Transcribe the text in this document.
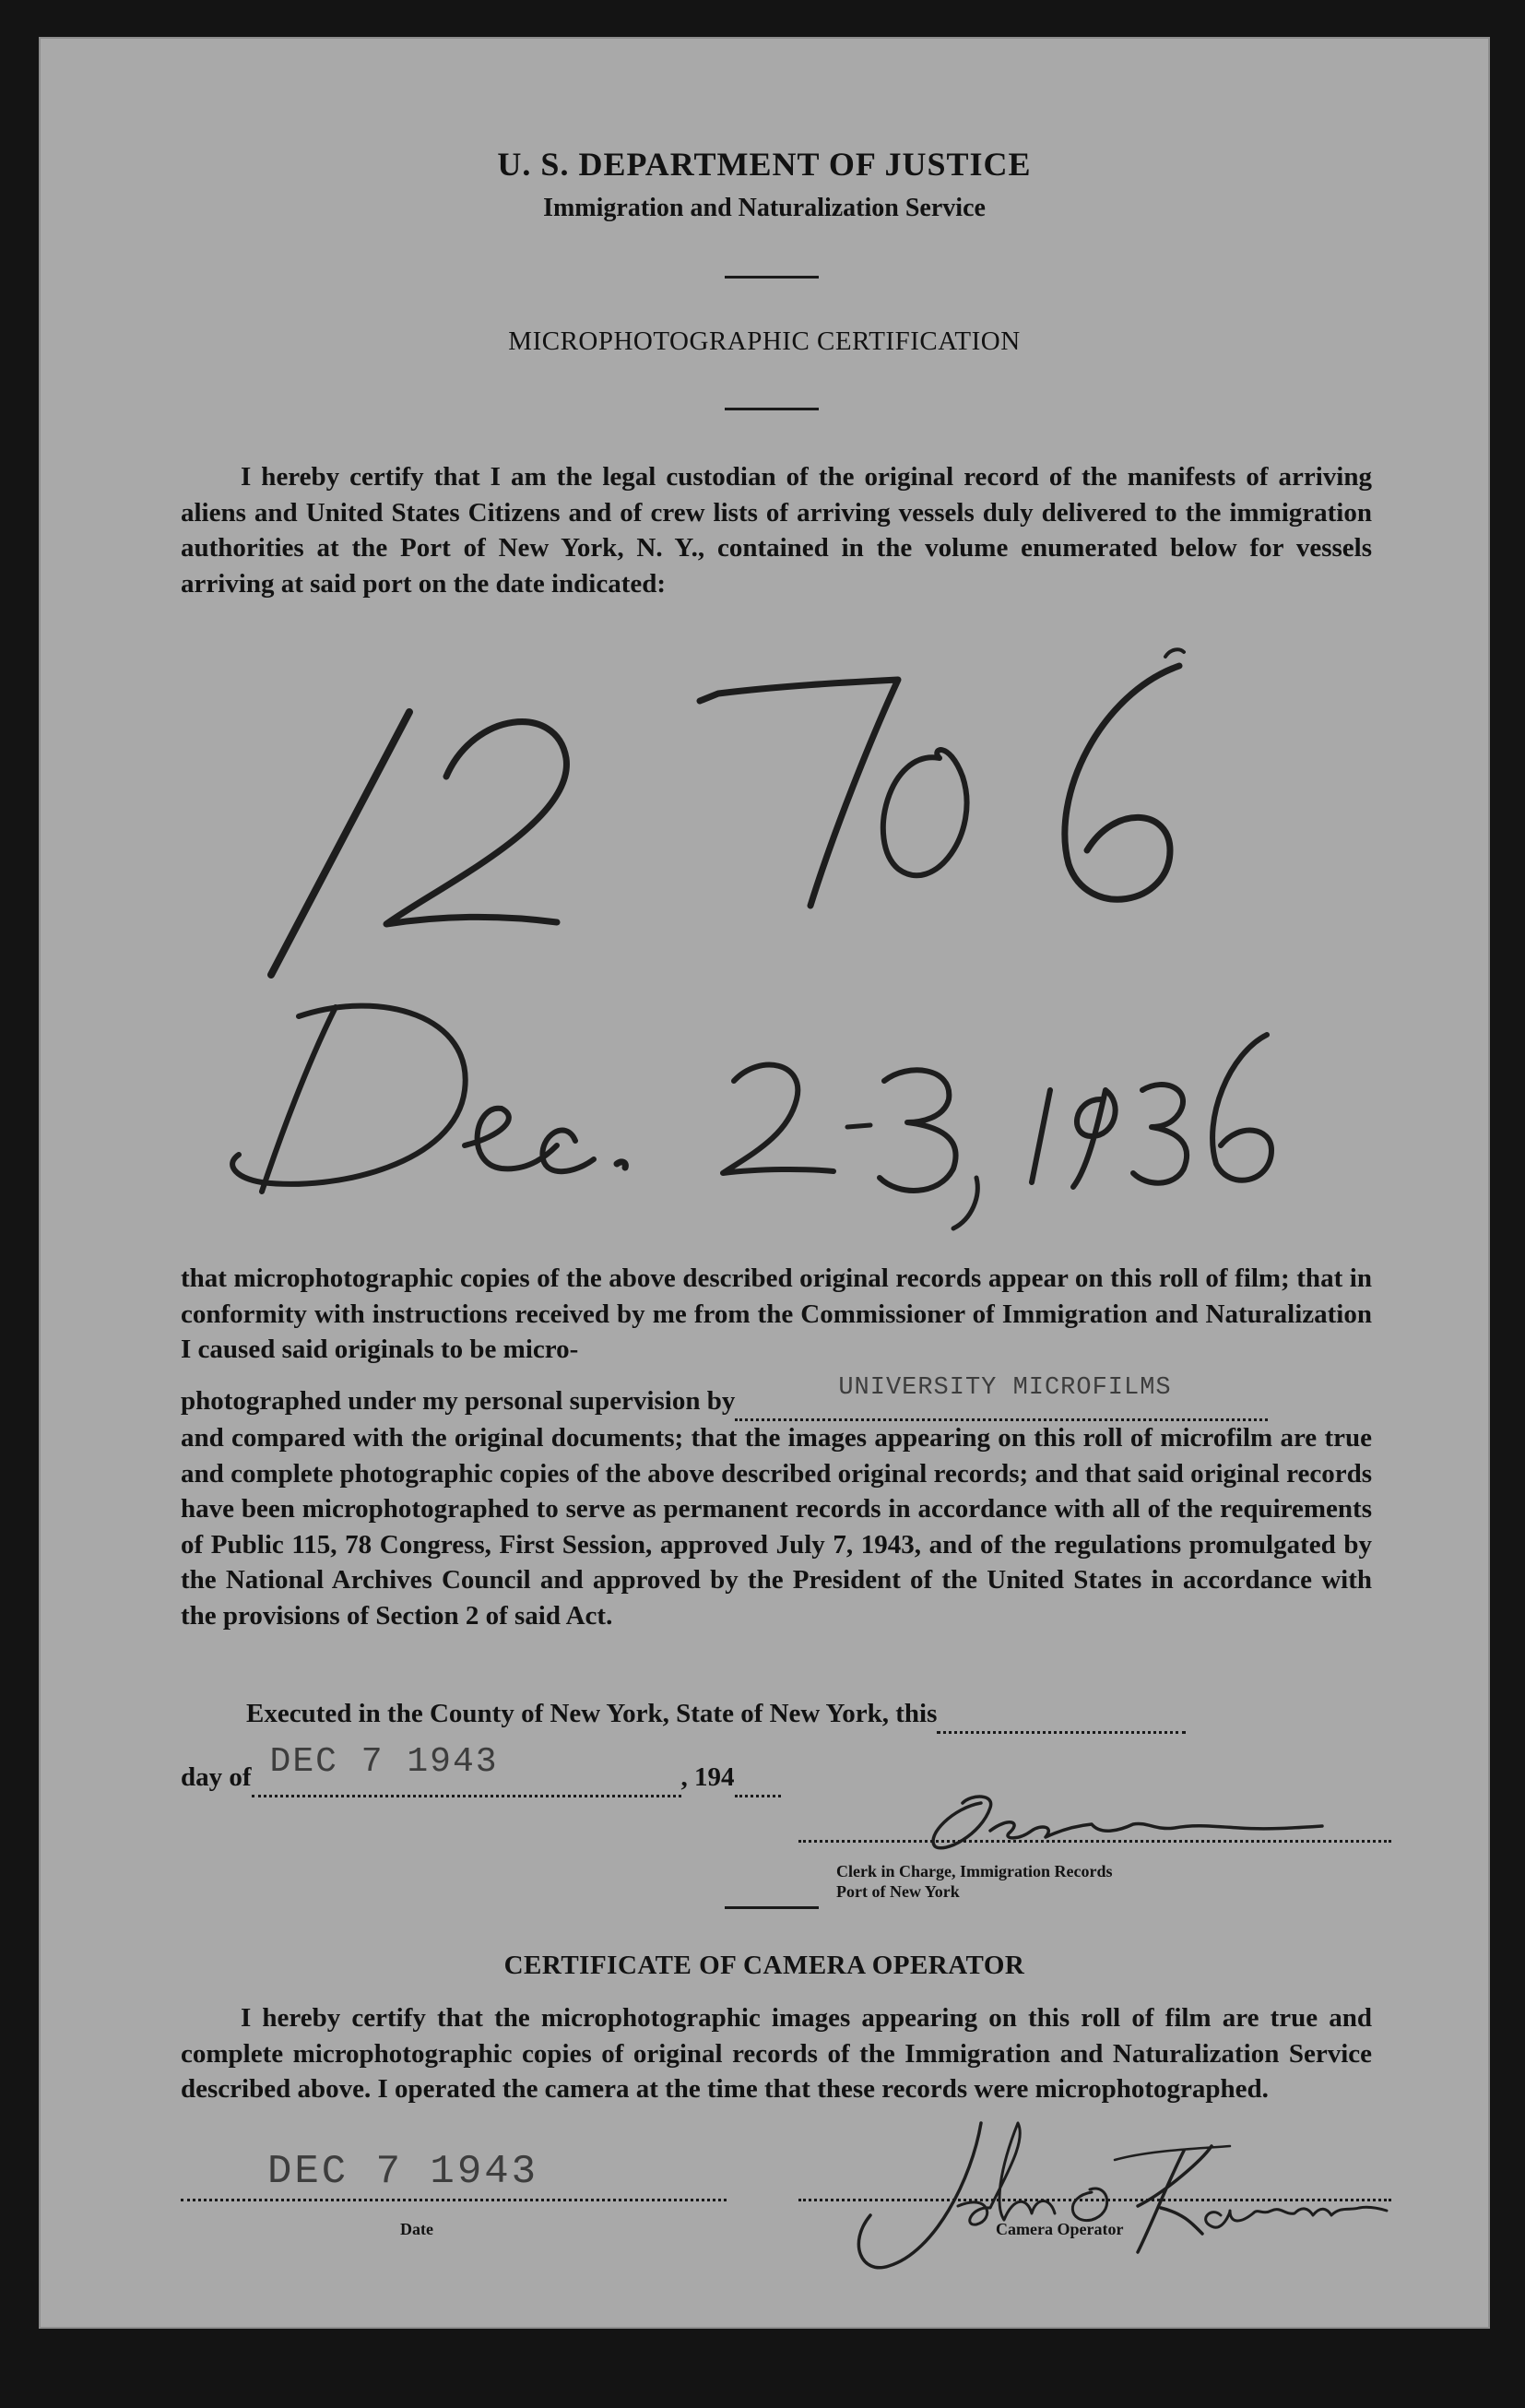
U. S. DEPARTMENT OF JUSTICE
Immigration and Naturalization Service
MICROPHOTOGRAPHIC CERTIFICATION

I hereby certify that I am the legal custodian of the original record of the manifests of arriving aliens and United States Citizens and of crew lists of arriving vessels duly delivered to the immigration authorities at the Port of New York, N. Y., contained in the volume enumerated below for vessels arriving at said port on the date indicated:

that microphotographic copies of the above described original records appear on this roll of film; that in conformity with instructions received by me from the Commissioner of Immigration and Naturalization I caused said originals to be micro-

photographed under my personal supervision by	UNIVERSITY MICROFILMS

and compared with the original documents; that the images appearing on this roll of microfilm are true and complete photographic copies of the above described original records; and that said original records have been microphotographed to serve as permanent records in accordance with all of the requirements of Public 115, 78 Congress, First Session, approved July 7, 1943, and of the regulations promulgated by the National Archives Council and approved by the President of the United States in accordance with the provisions of Section 2 of said Act.

Executed in the County of New York, State of New York, this
day of DEC 7 1943	, 194
Clerk in Charge, Immigration Records
Port of New York
CERTIFICATE OF CAMERA OPERATOR

I hereby certify that the microphotographic images appearing on this roll of film are true and complete microphotographic copies of original records of the Immigration and Naturalization Service described above. I operated the camera at the time that these records were microphotographed.

DEC 7 1943
Date	Camera Operator
